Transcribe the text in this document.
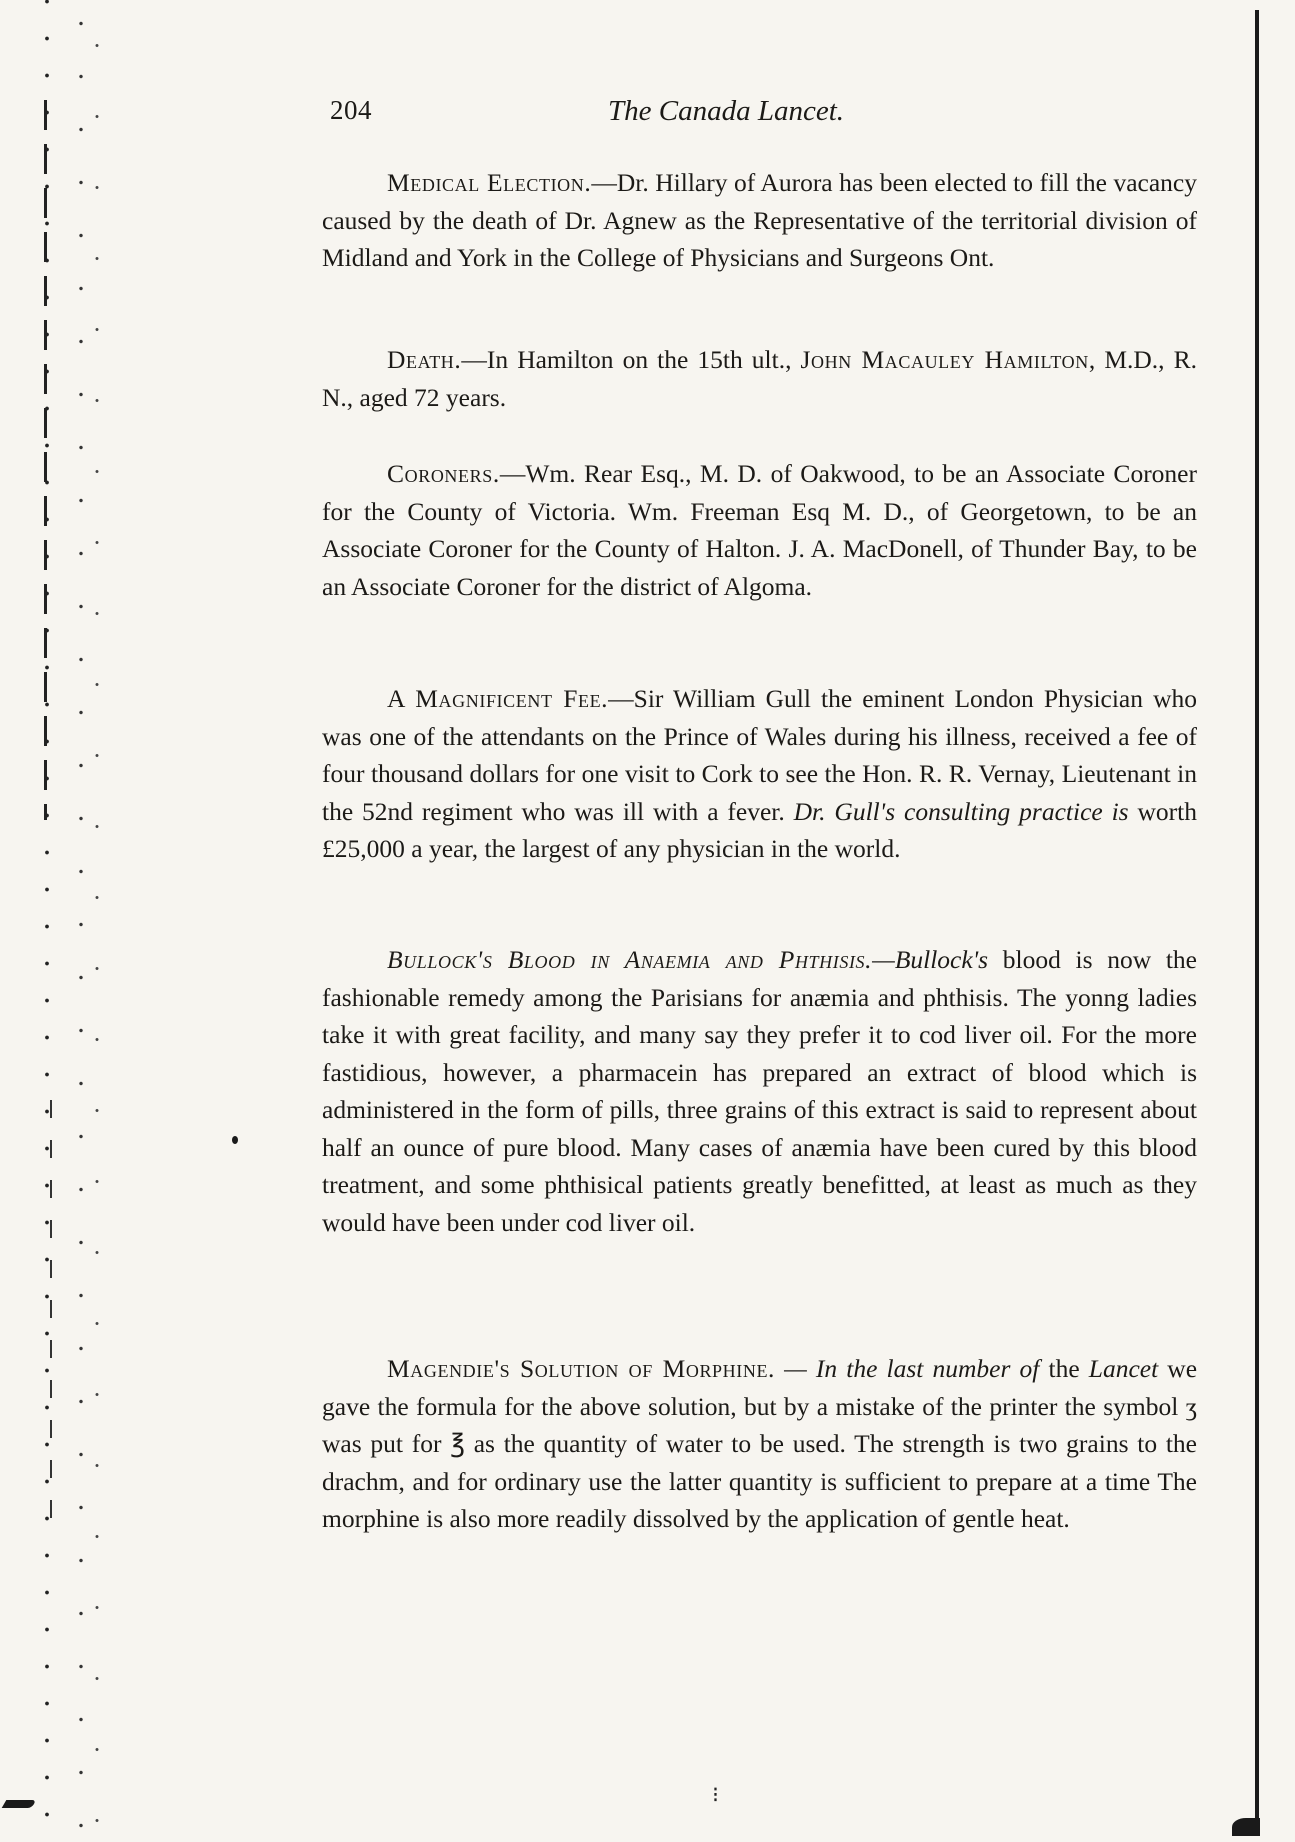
204	The Canada Lancet.

Medical Election.—Dr. Hillary of Aurora has been elected to fill the vacancy caused by the death of Dr. Agnew as the Representative of the territorial division of Midland and York in the College of Physicians and Surgeons Ont.

Death.—In Hamilton on the 15th ult., John Macauley Hamilton, M.D., R. N., aged 72 years.

Coroners.—Wm. Rear Esq., M. D. of Oakwood, to be an Associate Coroner for the County of Victoria. Wm. Freeman Esq M. D., of Georgetown, to be an Associate Coroner for the County of Halton. J. A. MacDonell, of Thunder Bay, to be an Associate Coroner for the district of Algoma.

A Magnificent Fee.—Sir William Gull the eminent London Physician who was one of the attendants on the Prince of Wales during his illness, received a fee of four thousand dollars for one visit to Cork to see the Hon. R. R. Vernay, Lieutenant in the 52nd regiment who was ill with a fever. Dr. Gull's consulting practice is worth £25,000 a year, the largest of any physician in the world.

Bullock's Blood in Anaemia and Phthisis.—Bullock's blood is now the fashionable remedy among the Parisians for anæmia and phthisis. The yonng ladies take it with great facility, and many say they prefer it to cod liver oil. For the more fastidious, however, a pharmacein has prepared an extract of blood which is administered in the form of pills, three grains of this extract is said to represent about half an ounce of pure blood. Many cases of anæmia have been cured by this blood treatment, and some phthisical patients greatly benefitted, at least as much as they would have been under cod liver oil.

Magendie's Solution of Morphine. — In the last number of the Lancet we gave the formula for the above solution, but by a mistake of the printer the symbol ʒ was put for ℥ as the quantity of water to be used. The strength is two grains to the drachm, and for ordinary use the latter quantity is sufficient to prepare at a time The morphine is also more readily dissolved by the application of gentle heat.

⁝
